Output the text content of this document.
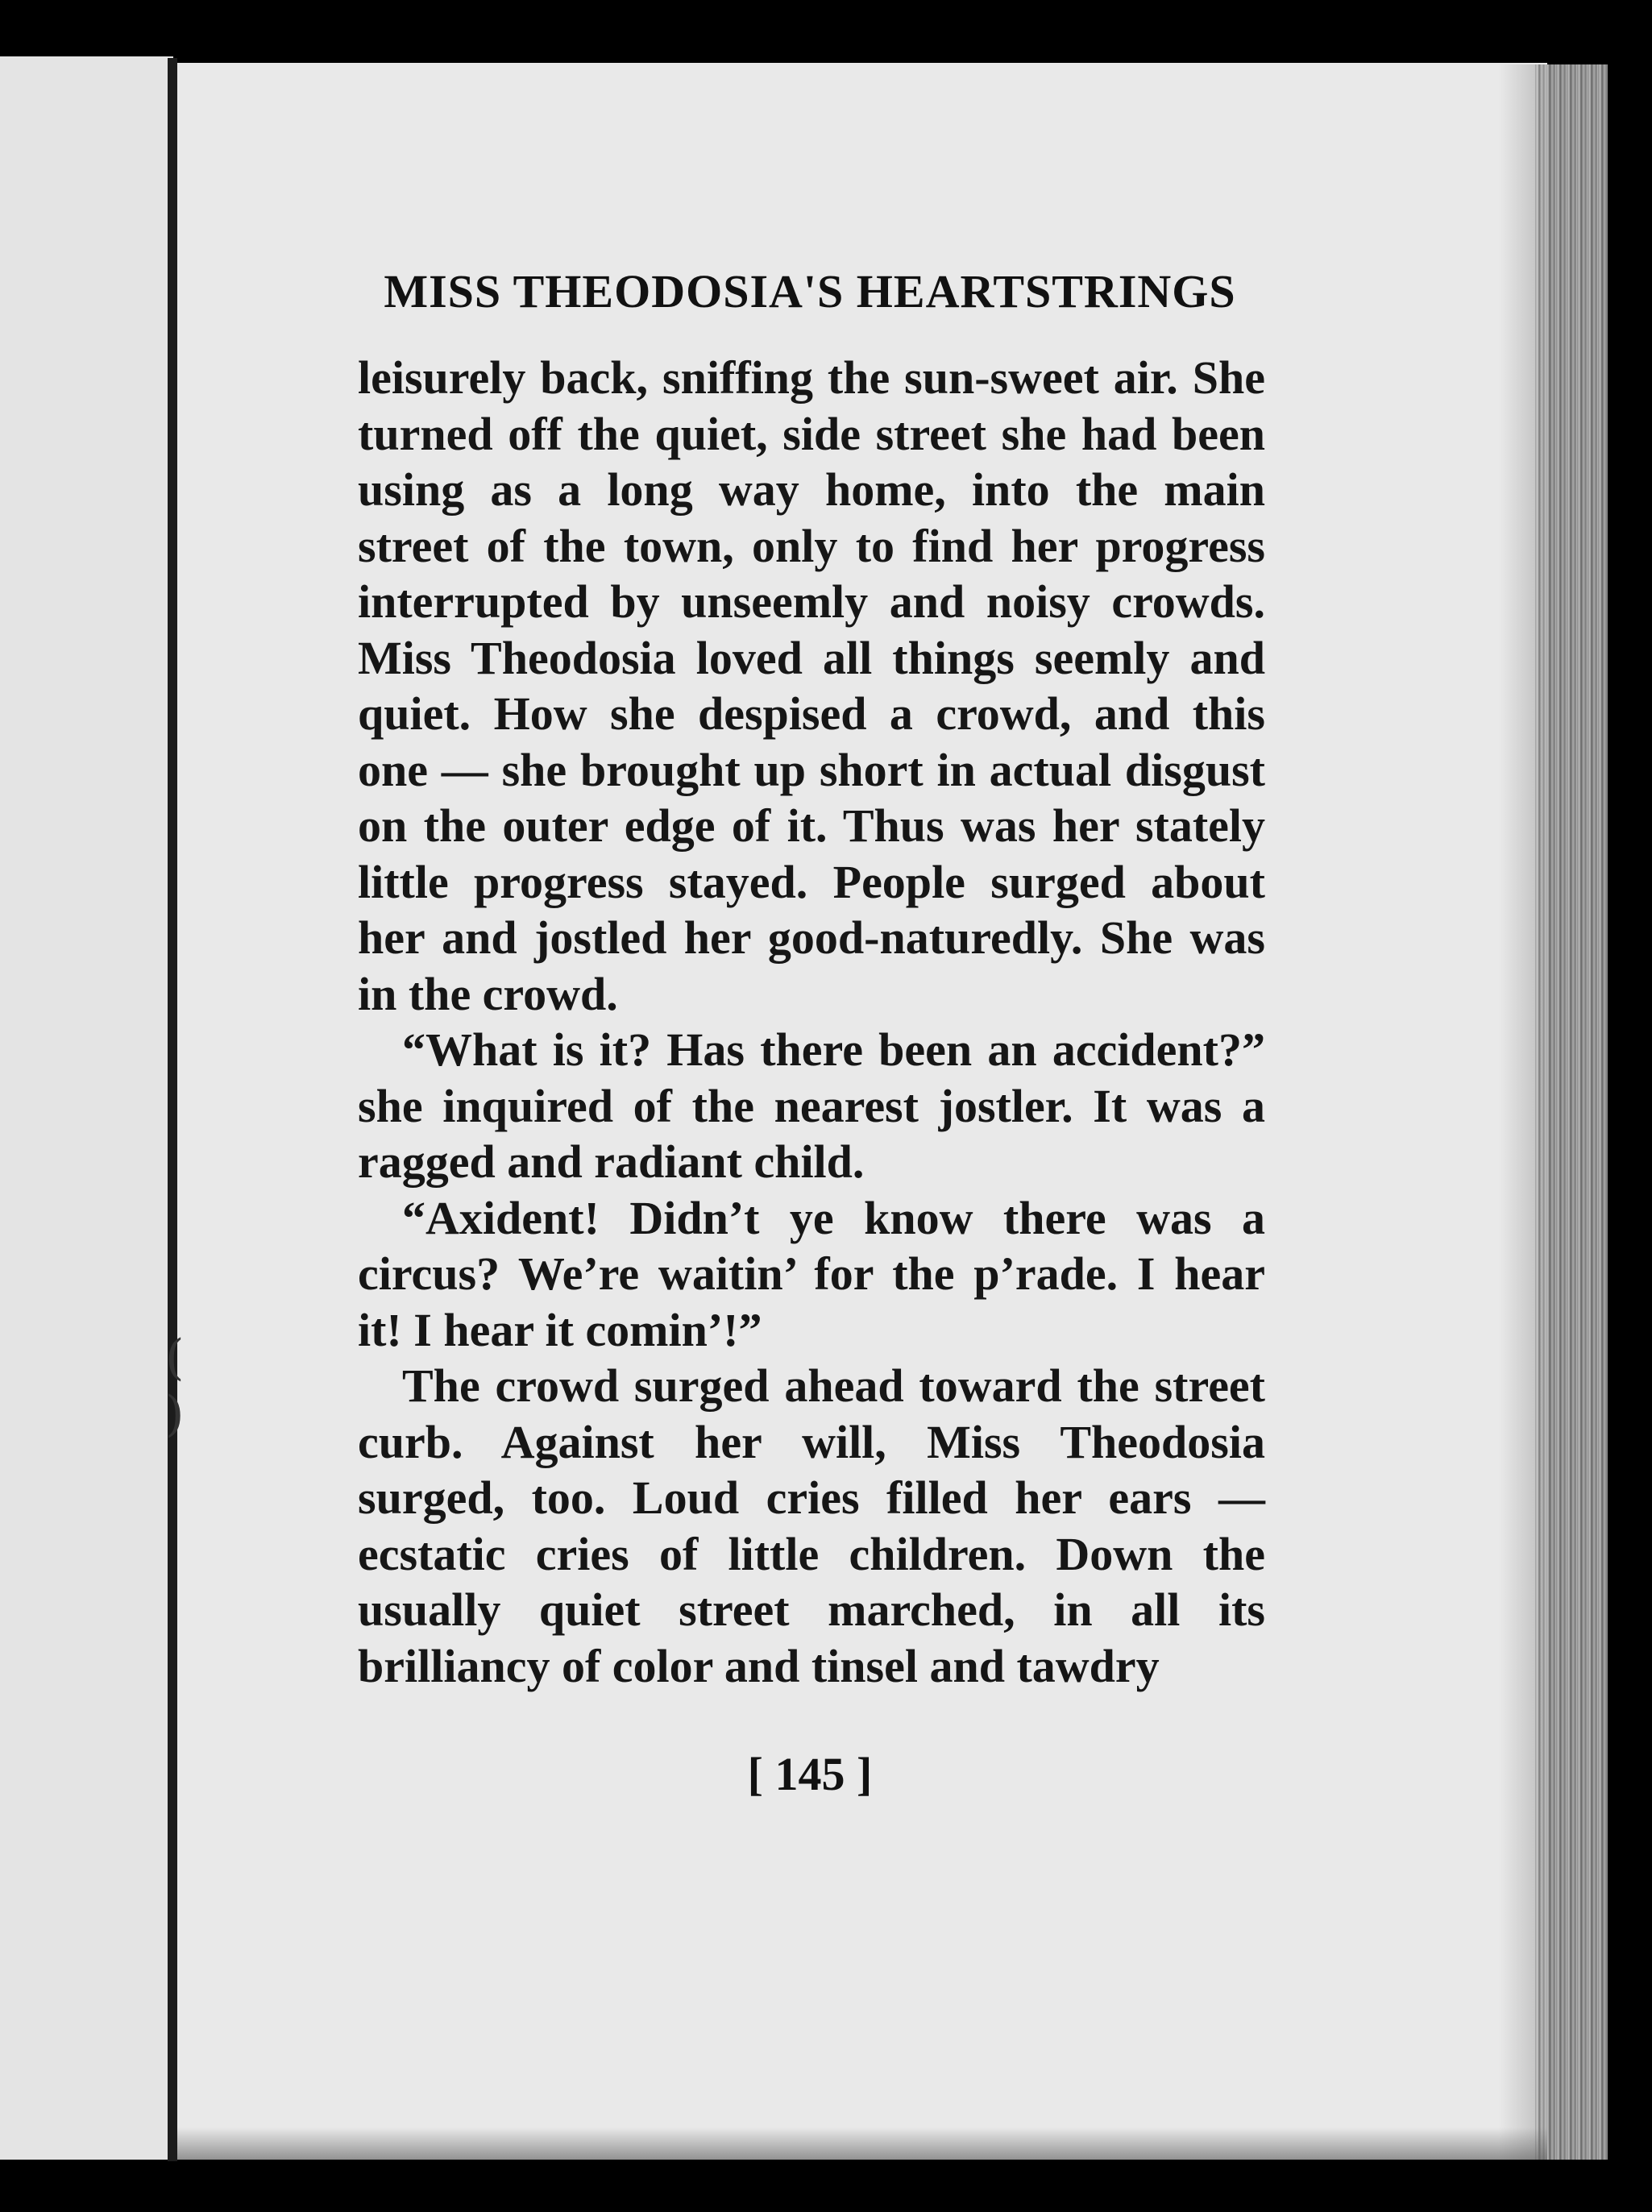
(
)
MISS THEODOSIA'S HEARTSTRINGS

leisurely back, sniffing the sun-sweet air. She turned off the quiet, side street she had been using as a long way home, into the main street of the town, only to find her progress interrupted by unseemly and noisy crowds. Miss Theodosia loved all things seemly and quiet. How she despised a crowd, and this one — she brought up short in actual disgust on the outer edge of it. Thus was her stately little progress stayed. People surged about her and jostled her good-naturedly. She was in the crowd.

“What is it? Has there been an accident?” she inquired of the nearest jostler. It was a ragged and radiant child.

“Axident! Didn’t ye know there was a circus? We’re waitin’ for the p’rade. I hear it! I hear it comin’!”

The crowd surged ahead toward the street curb. Against her will, Miss Theodosia surged, too. Loud cries filled her ears — ecstatic cries of little children. Down the usually quiet street marched, in all its brilliancy of color and tinsel and tawdry

[ 145 ]
